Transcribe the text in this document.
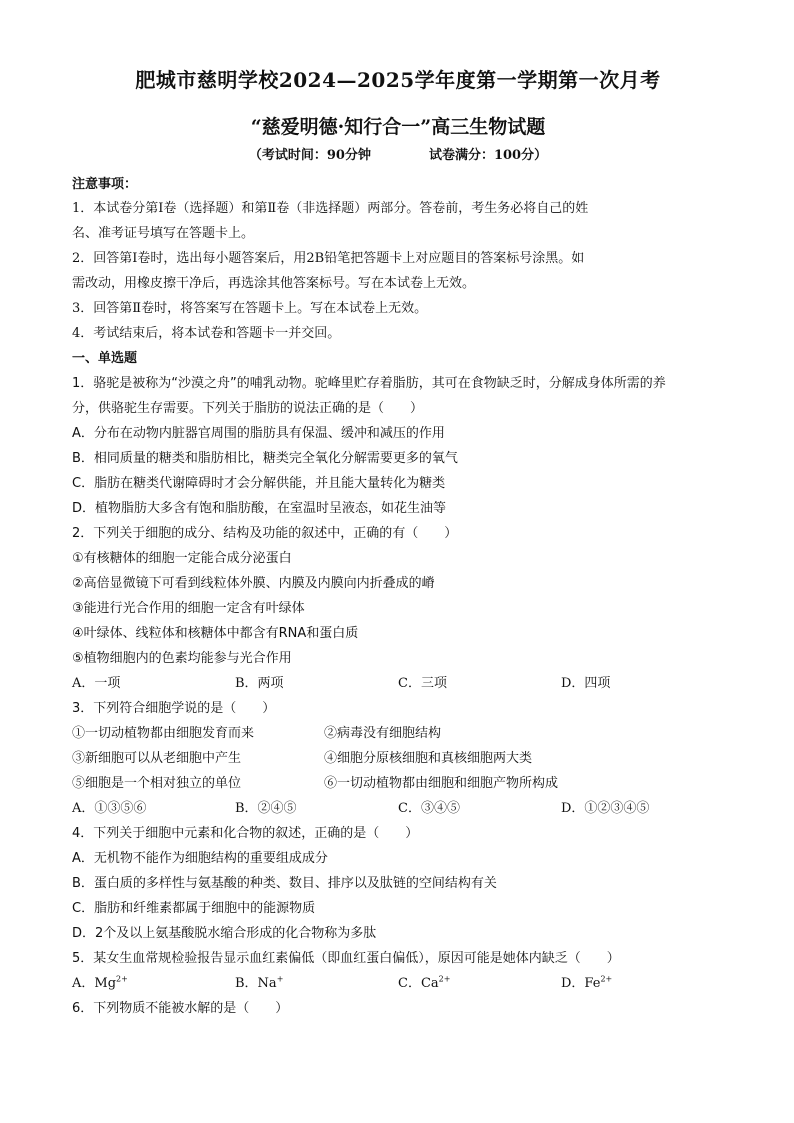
肥城市慈明学校2024—2025学年度第一学期第一次月考
“慈爱明德·知行合一”高三生物试题
（考试时间：90分钟	试卷满分：100分）
注意事项：

1．本试卷分第Ⅰ卷（选择题）和第Ⅱ卷（非选择题）两部分。答卷前，考生务必将自己的姓

名、准考证号填写在答题卡上。

2．回答第Ⅰ卷时，选出每小题答案后，用2B铅笔把答题卡上对应题目的答案标号涂黑。如

需改动，用橡皮擦干净后，再选涂其他答案标号。写在本试卷上无效。

3．回答第Ⅱ卷时，将答案写在答题卡上。写在本试卷上无效。

4．考试结束后，将本试卷和答题卡一并交回。

一、单选题

1．骆驼是被称为“沙漠之舟”的哺乳动物。驼峰里贮存着脂肪，其可在食物缺乏时，分解成身体所需的养

分，供骆驼生存需要。下列关于脂肪的说法正确的是（　　）

A．分布在动物内脏器官周围的脂肪具有保温、缓冲和减压的作用

B．相同质量的糖类和脂肪相比，糖类完全氧化分解需要更多的氧气

C．脂肪在糖类代谢障碍时才会分解供能，并且能大量转化为糖类

D．植物脂肪大多含有饱和脂肪酸，在室温时呈液态，如花生油等

2．下列关于细胞的成分、结构及功能的叙述中，正确的有（　　）

①有核糖体的细胞一定能合成分泌蛋白

②高倍显微镜下可看到线粒体外膜、内膜及内膜向内折叠成的嵴

③能进行光合作用的细胞一定含有叶绿体

④叶绿体、线粒体和核糖体中都含有RNA和蛋白质

⑤植物细胞内的色素均能参与光合作用

A．一项	B．两项	C．三项	D．四项

3．下列符合细胞学说的是（　　）

①一切动植物都由细胞发育而来	②病毒没有细胞结构
③新细胞可以从老细胞中产生	④细胞分原核细胞和真核细胞两大类
⑤细胞是一个相对独立的单位	⑥一切动植物都由细胞和细胞产物所构成
A．①③⑤⑥	B．②④⑤	C．③④⑤	D．①②③④⑤

4．下列关于细胞中元素和化合物的叙述，正确的是（　　）

A．无机物不能作为细胞结构的重要组成成分

B．蛋白质的多样性与氨基酸的种类、数目、排序以及肽链的空间结构有关

C．脂肪和纤维素都属于细胞中的能源物质

D．2个及以上氨基酸脱水缩合形成的化合物称为多肽

5．某女生血常规检验报告显示血红素偏低（即血红蛋白偏低），原因可能是她体内缺乏（　　）

A．$Mg^{2+}$	B．Na+	C．$Ca^{2+}$	D．$Fe^{2+}$

6．下列物质不能被水解的是（　　）
